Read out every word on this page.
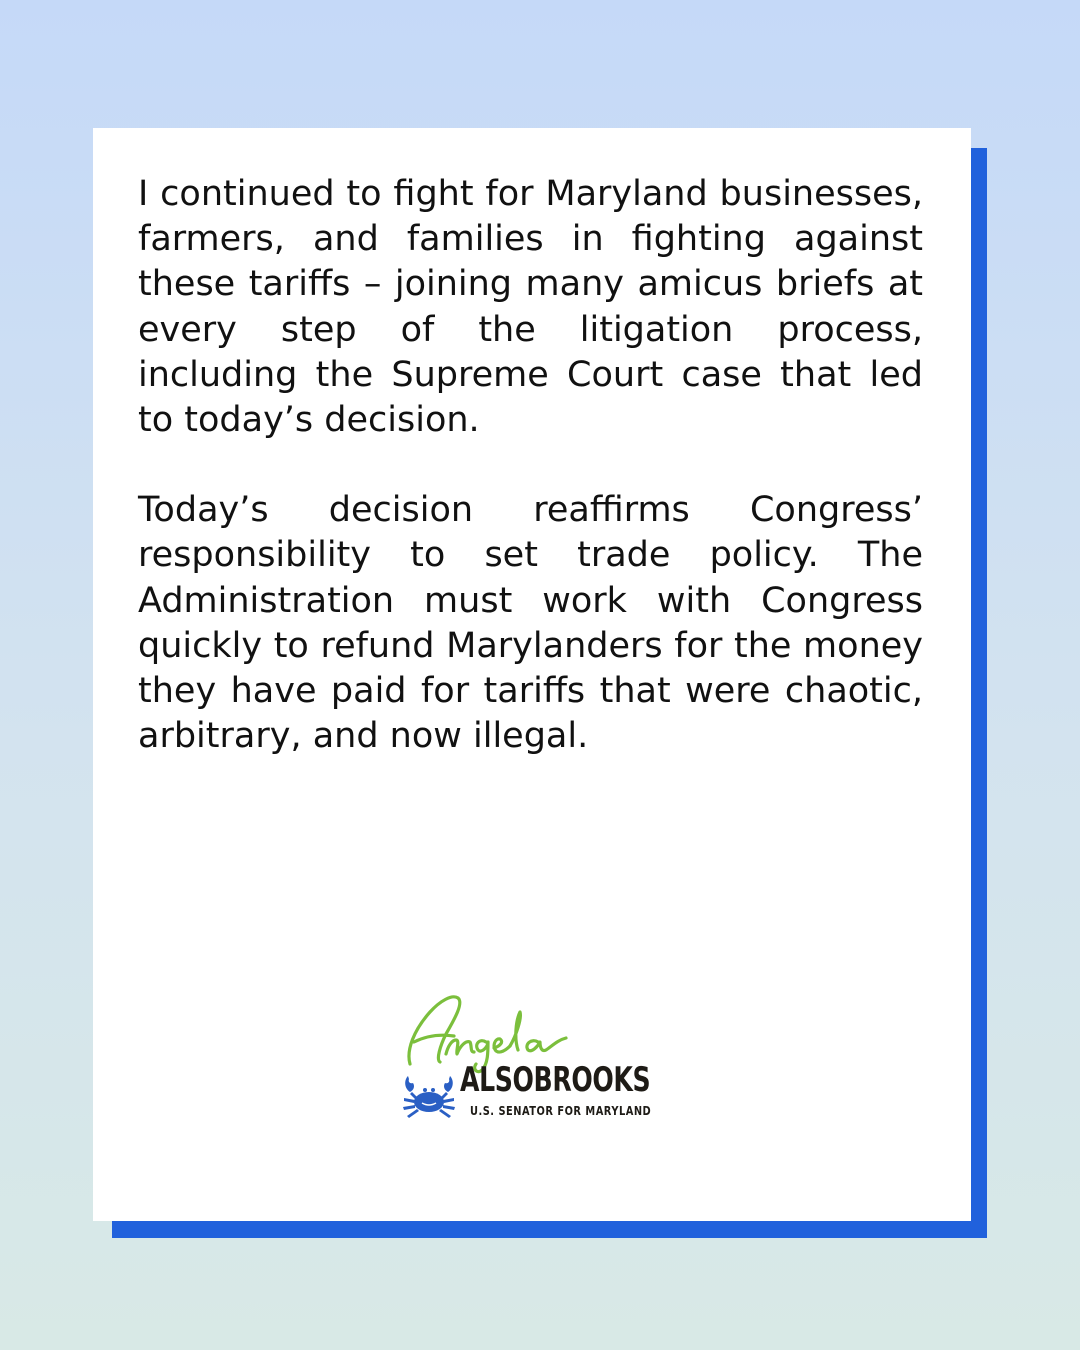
I continued to fight for Maryland businesses, farmers, and families in fighting against these tariffs – joining many amicus briefs at every step of the litigation process, including the Supreme Court case that led to today’s decision.

Today’s decision reaffirms Congress’ responsibility to set trade policy. The Administration must work with Congress quickly to refund Marylanders for the money they have paid for tariffs that were chaotic, arbitrary, and now illegal.

ALSOBROOKS
U.S. SENATOR FOR MARYLAND
